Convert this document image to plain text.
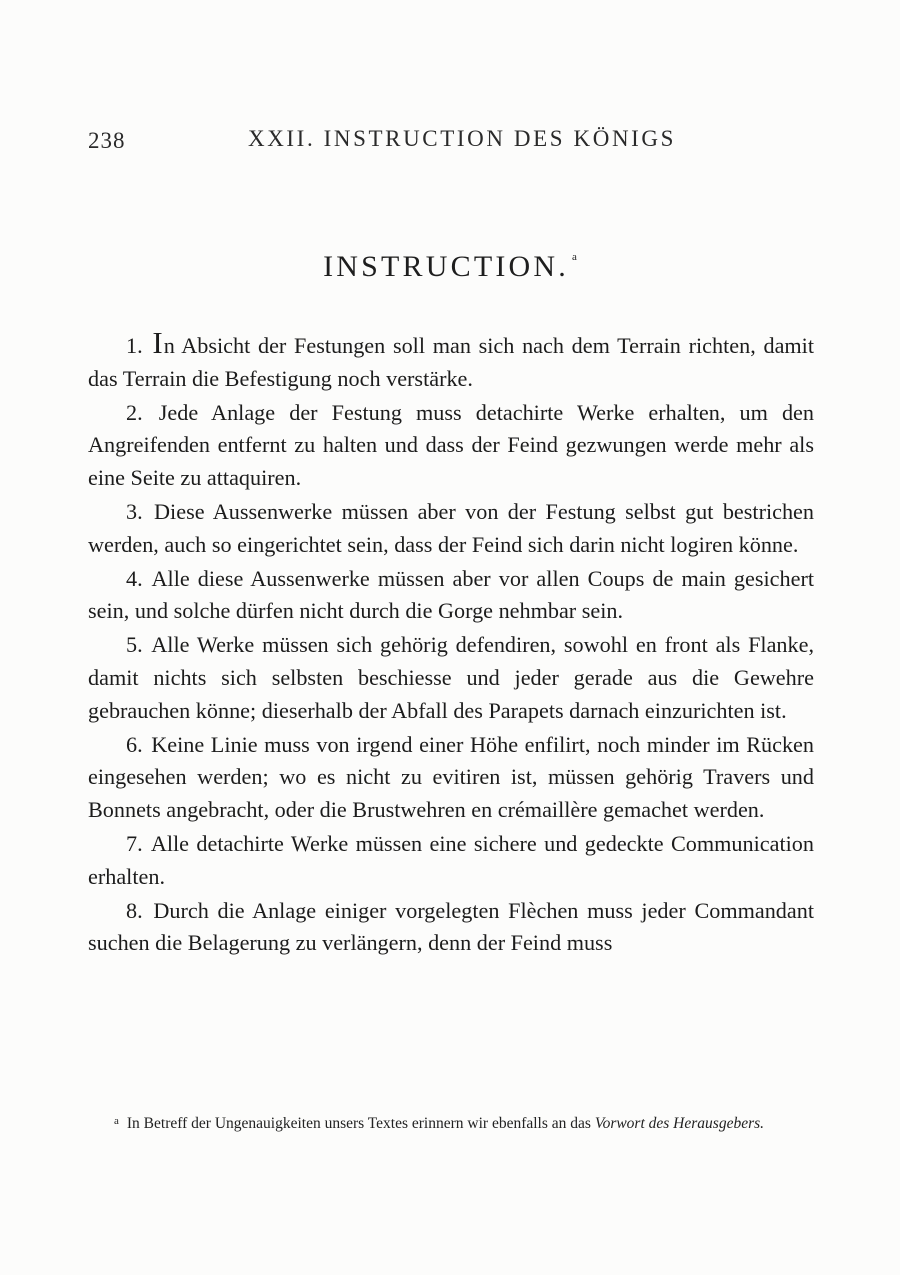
238	XXII. INSTRUCTION DES KÖNIGS
INSTRUCTION. $^a$

1. In Absicht der Festungen soll man sich nach dem Terrain richten, damit das Terrain die Befestigung noch verstärke.

2. Jede Anlage der Festung muss detachirte Werke erhalten, um den Angreifenden entfernt zu halten und dass der Feind gezwungen werde mehr als eine Seite zu attaquiren.

3. Diese Aussenwerke müssen aber von der Festung selbst gut bestrichen werden, auch so eingerichtet sein, dass der Feind sich darin nicht logiren könne.

4. Alle diese Aussenwerke müssen aber vor allen Coups de main gesichert sein, und solche dürfen nicht durch die Gorge nehmbar sein.

5. Alle Werke müssen sich gehörig defendiren, sowohl en front als Flanke, damit nichts sich selbsten beschiesse und jeder gerade aus die Gewehre gebrauchen könne; dieserhalb der Abfall des Parapets darnach einzurichten ist.

6. Keine Linie muss von irgend einer Höhe enfilirt, noch minder im Rücken eingesehen werden; wo es nicht zu evitiren ist, müssen gehörig Travers und Bonnets angebracht, oder die Brustwehren en crémaillère gemachet werden.

7. Alle detachirte Werke müssen eine sichere und gedeckte Communication erhalten.

8. Durch die Anlage einiger vorgelegten Flèchen muss jeder Commandant suchen die Belagerung zu verlängern, denn der Feind muss

$^a$ In Betreff der Ungenauigkeiten unsers Textes erinnern wir ebenfalls an das Vorwort des Herausgebers.
